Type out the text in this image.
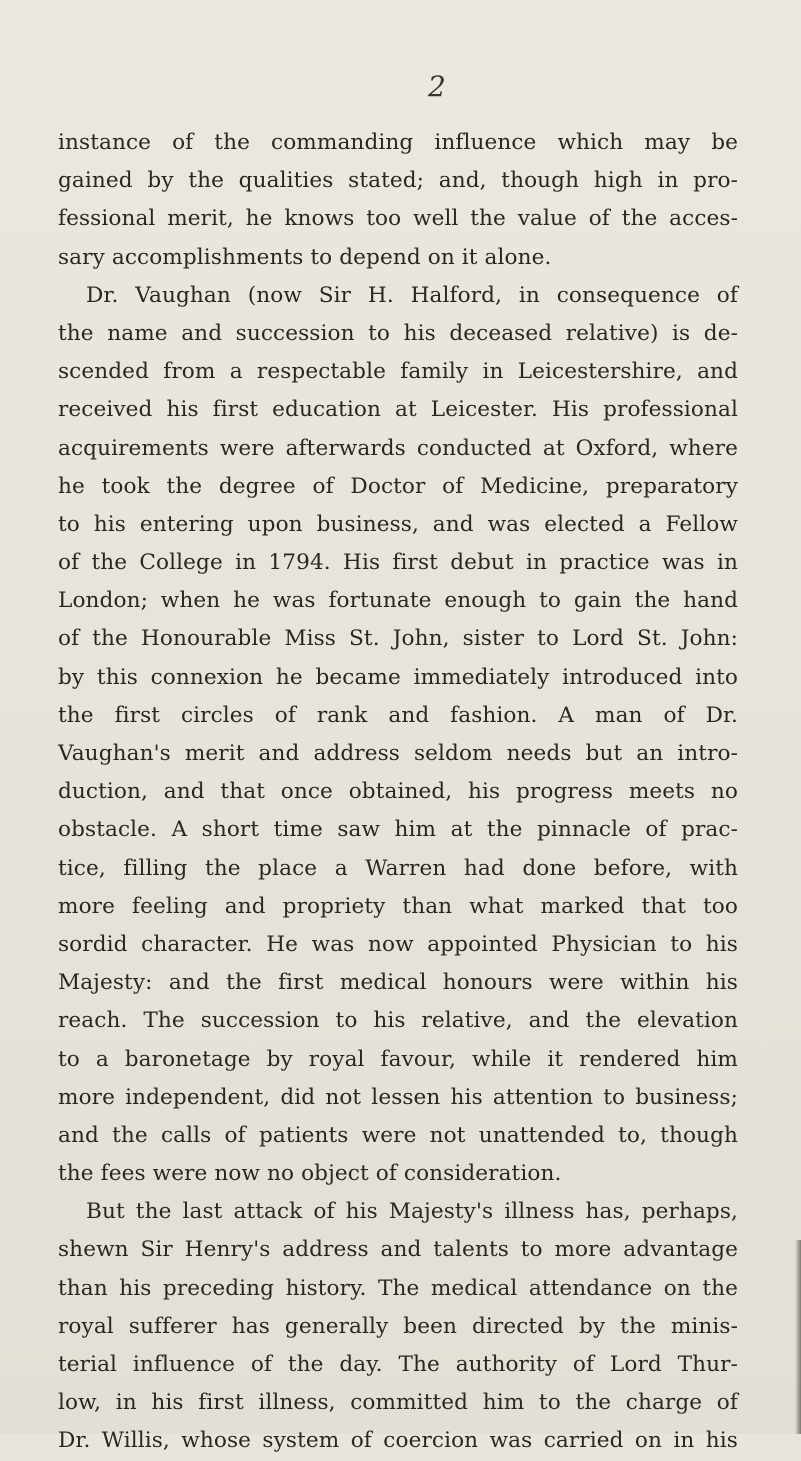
2

instance of the commanding influence which may be
gained by the qualities stated; and, though high in pro-
fessional merit, he knows too well the value of the acces-
sary accomplishments to depend on it alone.
Dr. Vaughan (now Sir H. Halford, in consequence of
the name and succession to his deceased relative) is de-
scended from a respectable family in Leicestershire, and
received his first education at Leicester. His professional
acquirements were afterwards conducted at Oxford, where
he took the degree of Doctor of Medicine, preparatory
to his entering upon business, and was elected a Fellow
of the College in 1794. His first debut in practice was in
London; when he was fortunate enough to gain the hand
of the Honourable Miss St. John, sister to Lord St. John:
by this connexion he became immediately introduced into
the first circles of rank and fashion. A man of Dr.
Vaughan's merit and address seldom needs but an intro-
duction, and that once obtained, his progress meets no
obstacle. A short time saw him at the pinnacle of prac-
tice, filling the place a Warren had done before, with
more feeling and propriety than what marked that too
sordid character. He was now appointed Physician to his
Majesty: and the first medical honours were within his
reach. The succession to his relative, and the elevation
to a baronetage by royal favour, while it rendered him
more independent, did not lessen his attention to business;
and the calls of patients were not unattended to, though
the fees were now no object of consideration.
But the last attack of his Majesty's illness has, perhaps,
shewn Sir Henry's address and talents to more advantage
than his preceding history. The medical attendance on the
royal sufferer has generally been directed by the minis-
terial influence of the day. The authority of Lord Thur-
low, in his first illness, committed him to the charge of
Dr. Willis, whose system of coercion was carried on in his
